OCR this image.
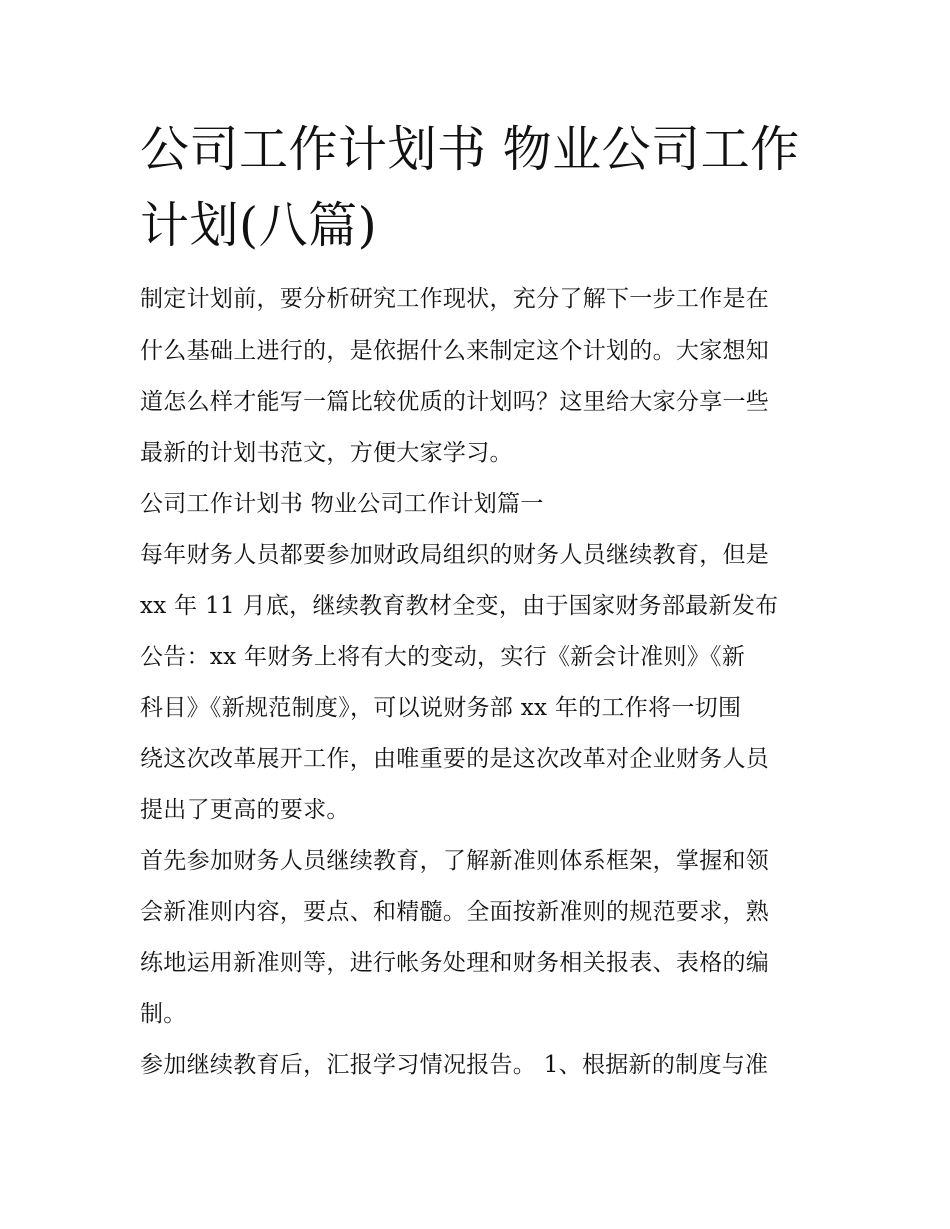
公司工作计划书 物业公司工作计划(八篇)

制定计划前，要分析研究工作现状，充分了解下一步工作是在

什么基础上进行的，是依据什么来制定这个计划的。大家想知

道怎么样才能写一篇比较优质的计划吗？这里给大家分享一些

最新的计划书范文，方便大家学习。

公司工作计划书 物业公司工作计划篇一

每年财务人员都要参加财政局组织的财务人员继续教育，但是

xx 年 11 月底，继续教育教材全变，由于国家财务部最新发布

公告：xx 年财务上将有大的变动，实行《新会计准则》《新

科目》《新规范制度》，可以说财务部 xx 年的工作将一切围

绕这次改革展开工作，由唯重要的是这次改革对企业财务人员

提出了更高的要求。

首先参加财务人员继续教育，了解新准则体系框架，掌握和领

会新准则内容，要点、和精髓。全面按新准则的规范要求，熟

练地运用新准则等，进行帐务处理和财务相关报表、表格的编

制。

参加继续教育后，汇报学习情况报告。 1、根据新的制度与准
